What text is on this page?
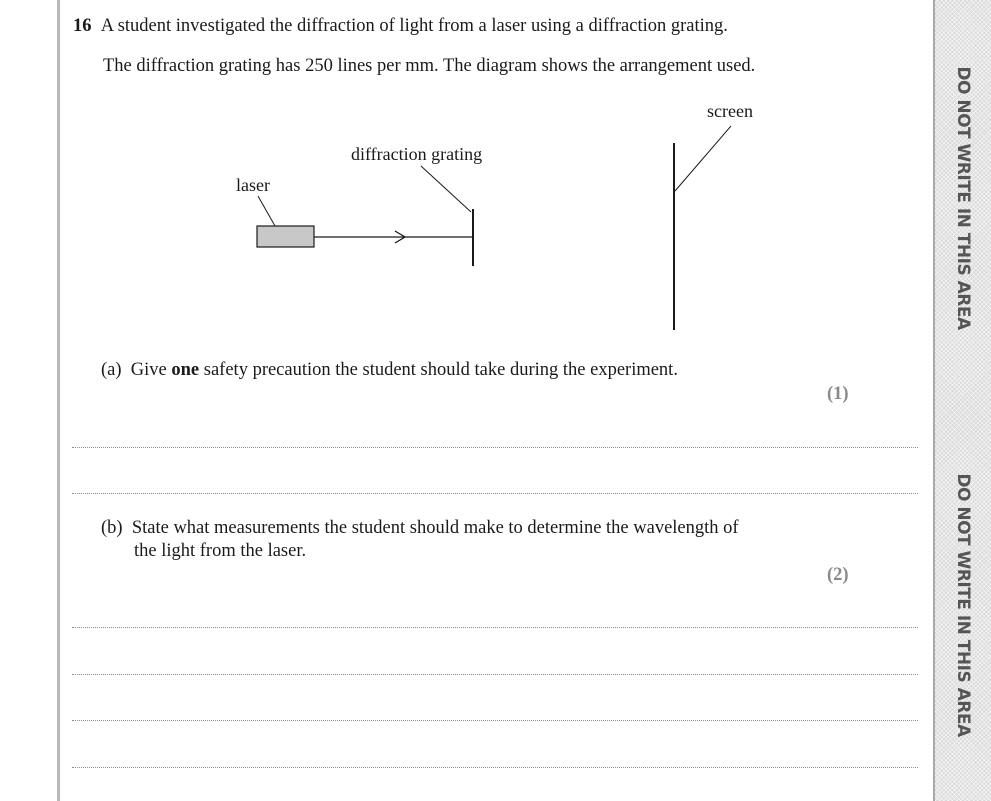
DO NOT WRITE IN THIS AREA
DO NOT WRITE IN THIS AREA
16 A student investigated the diffraction of light from a laser using a diffraction grating.
The diffraction grating has 250 lines per mm. The diagram shows the arrangement used.
laser
diffraction grating
screen
(a) Give one safety precaution the student should take during the experiment.
(1)
(b) State what measurements the student should make to determine the wavelength of
the light from the laser.
(2)
